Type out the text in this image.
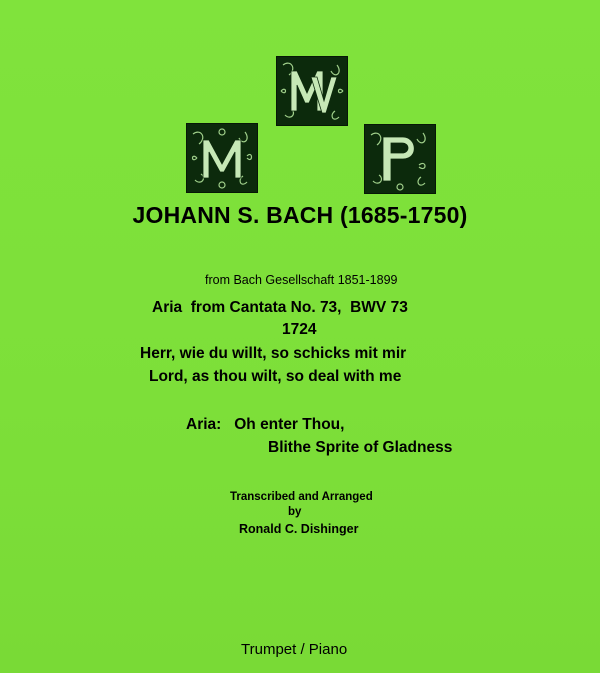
JOHANN S. BACH (1685-1750)
from Bach Gesellschaft 1851-1899
Aria  from Cantata No. 73,  BWV 73
1724
Herr, wie du willt, so schicks mit mir
Lord, as thou wilt, so deal with me
Aria:   Oh enter Thou,
Blithe Sprite of Gladness
Transcribed and Arranged
by
Ronald C. Dishinger
Trumpet / Piano
